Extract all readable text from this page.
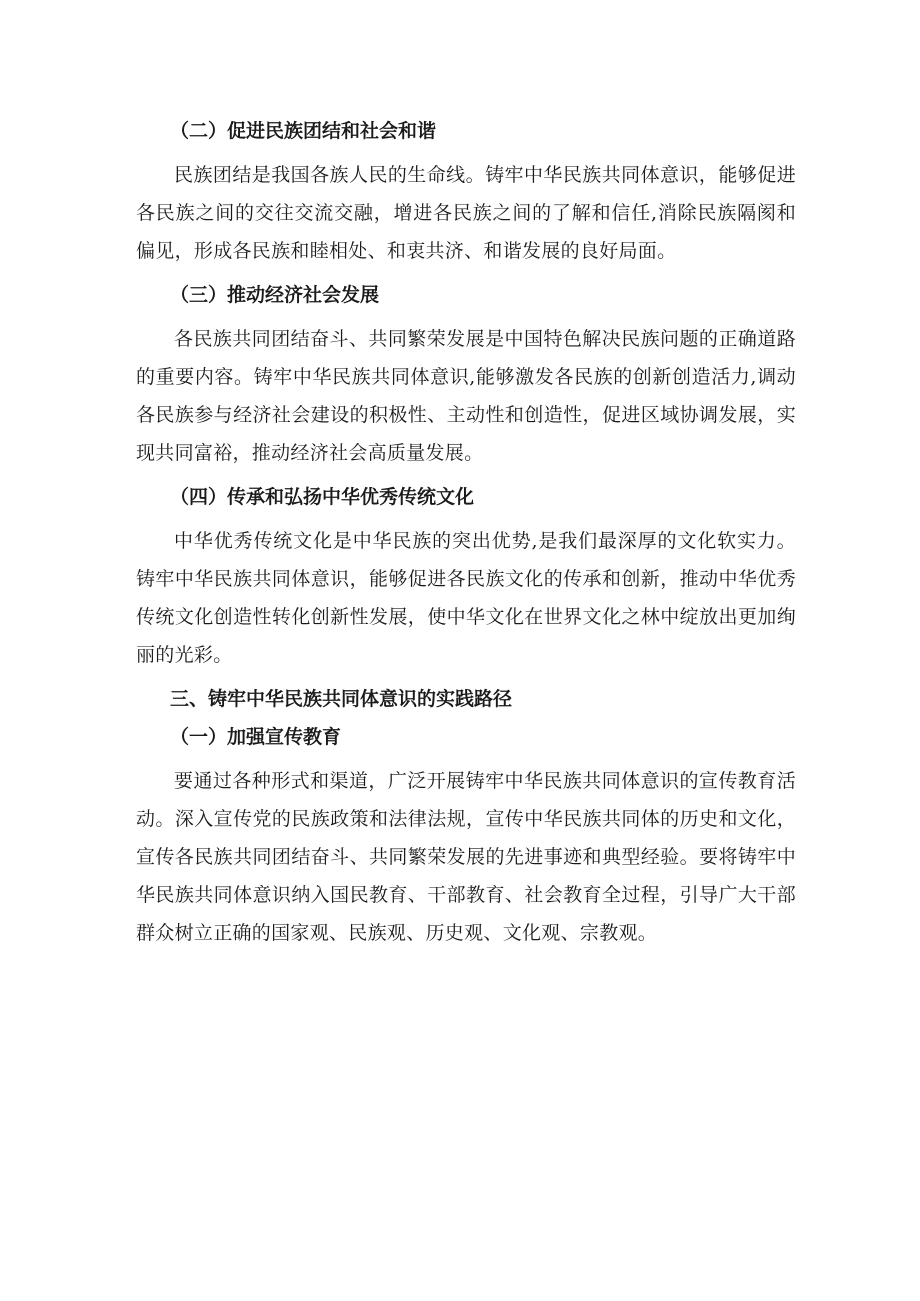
（二）促进民族团结和社会和谐

民族团结是我国各族人民的生命线。铸牢中华民族共同体意识，能够促进各民族之间的交往交流交融，增进各民族之间的了解和信任,消除民族隔阂和偏见，形成各民族和睦相处、和衷共济、和谐发展的良好局面。

（三）推动经济社会发展

各民族共同团结奋斗、共同繁荣发展是中国特色解决民族问题的正确道路的重要内容。铸牢中华民族共同体意识,能够激发各民族的创新创造活力,调动各民族参与经济社会建设的积极性、主动性和创造性，促进区域协调发展，实现共同富裕，推动经济社会高质量发展。

（四）传承和弘扬中华优秀传统文化

中华优秀传统文化是中华民族的突出优势,是我们最深厚的文化软实力。铸牢中华民族共同体意识，能够促进各民族文化的传承和创新，推动中华优秀传统文化创造性转化创新性发展，使中华文化在世界文化之林中绽放出更加绚丽的光彩。

三、铸牢中华民族共同体意识的实践路径
（一）加强宣传教育

要通过各种形式和渠道，广泛开展铸牢中华民族共同体意识的宣传教育活动。深入宣传党的民族政策和法律法规，宣传中华民族共同体的历史和文化，宣传各民族共同团结奋斗、共同繁荣发展的先进事迹和典型经验。要将铸牢中华民族共同体意识纳入国民教育、干部教育、社会教育全过程，引导广大干部群众树立正确的国家观、民族观、历史观、文化观、宗教观。
